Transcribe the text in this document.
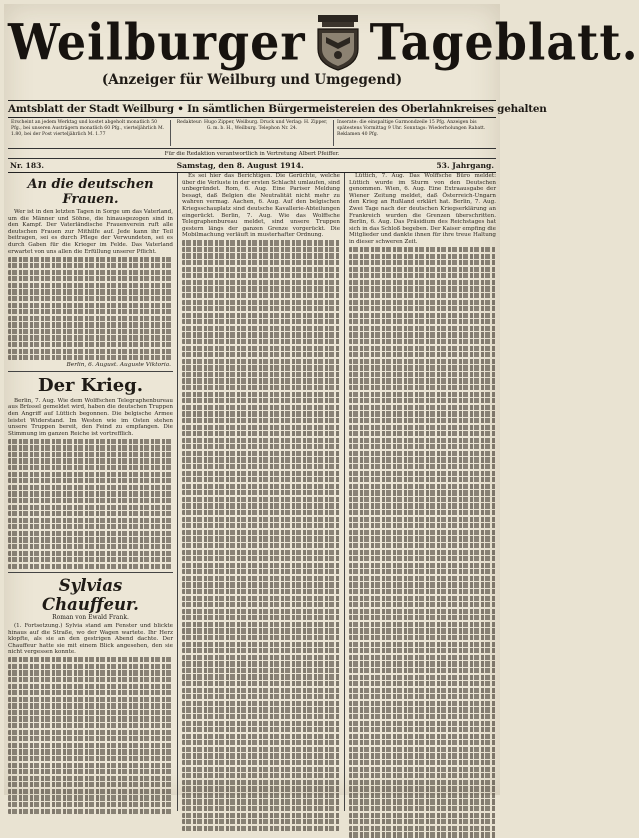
Weilburger Tageblatt.
(Anzeiger für Weilburg und Umgegend)
Amtsblatt der Stadt Weilburg • In sämtlichen Bürgermeistereien des Oberlahnkreises gehalten
Erscheint an jedem Werktag und kostet abgeholt monatlich 50 Pfg., bei unseren Austrägern monatlich 60 Pfg., vierteljährlich M. 1.80, bei der Post vierteljährlich M. 1.77
Redakteur: Hugo Zipper, Weilburg. Druck und Verlag: H. Zipper, G. m. b. H., Weilburg. Telephon Nr. 24.
Inserate: die einspaltige Garmondzeile 15 Pfg. Anzeigen bis spätestens Vormittag 9 Uhr. Sonntags: Wiederholungen Rabatt. Reklamen 40 Pfg.
Für die Redaktion verantwortlich in Vertretung Albert Pfeiffer.
Nr. 183.	Samstag, den 8. August 1914.	53. Jahrgang.
An die deutschen Frauen.

Wer ist in den letzten Tagen in Sorge um das Vaterland, um die Männer und Söhne, die hinausgezogen sind in den Kampf. Der Vaterländische Frauenverein ruft alle deutschen Frauen zur Mithilfe auf. Jede kann ihr Teil beitragen, sei es durch Pflege der Verwundeten, sei es durch Gaben für die Krieger im Felde. Das Vaterland erwartet von uns allen die Erfüllung unserer Pflicht.

Berlin, 6. August. Auguste Viktoria.
Der Krieg.

Berlin, 7. Aug. Wie dem Wolffschen Telegraphenbureau aus Brüssel gemeldet wird, haben die deutschen Truppen den Angriff auf Lüttich begonnen. Die belgische Armee leistet Widerstand. Im Westen wie im Osten stehen unsere Truppen bereit, den Feind zu empfangen. Die Stimmung im ganzen Reiche ist vortrefflich.

Sylvias Chauffeur.
Roman von Ewald Frank.

(1. Fortsetzung.) Sylvia stand am Fenster und blickte hinaus auf die Straße, wo der Wagen wartete. Ihr Herz klopfte, als sie an den gestrigen Abend dachte. Der Chauffeur hatte sie mit einem Blick angesehen, den sie nicht vergessen konnte.

Es sei hier das Berichtigen. Die Gerüchte, welche über die Verluste in der ersten Schlacht umlaufen, sind unbegründet. Rom, 6. Aug. Eine Pariser Meldung besagt, daß Belgien die Neutralität nicht mehr zu wahren vermag. Aachen, 6. Aug. Auf den belgischen Kriegsschauplatz sind deutsche Kavallerie-Abteilungen eingerückt. Berlin, 7. Aug. Wie das Wolffsche Telegraphenbureau meldet, sind unsere Truppen gestern längs der ganzen Grenze vorgerückt. Die Mobilmachung verläuft in musterhafter Ordnung.

Lüttich, 7. Aug. Das Wolffsche Büro meldet: Lüttich wurde im Sturm von den Deutschen genommen. Wien, 6. Aug. Eine Extraausgabe der Wiener Zeitung meldet, daß Österreich-Ungarn den Krieg an Rußland erklärt hat. Berlin, 7. Aug. Zwei Tage nach der deutschen Kriegserklärung an Frankreich wurden die Grenzen überschritten. Berlin, 6. Aug. Das Präsidium des Reichstages hat sich in das Schloß begeben. Der Kaiser empfing die Mitglieder und dankte ihnen für ihre treue Haltung in dieser schweren Zeit.
